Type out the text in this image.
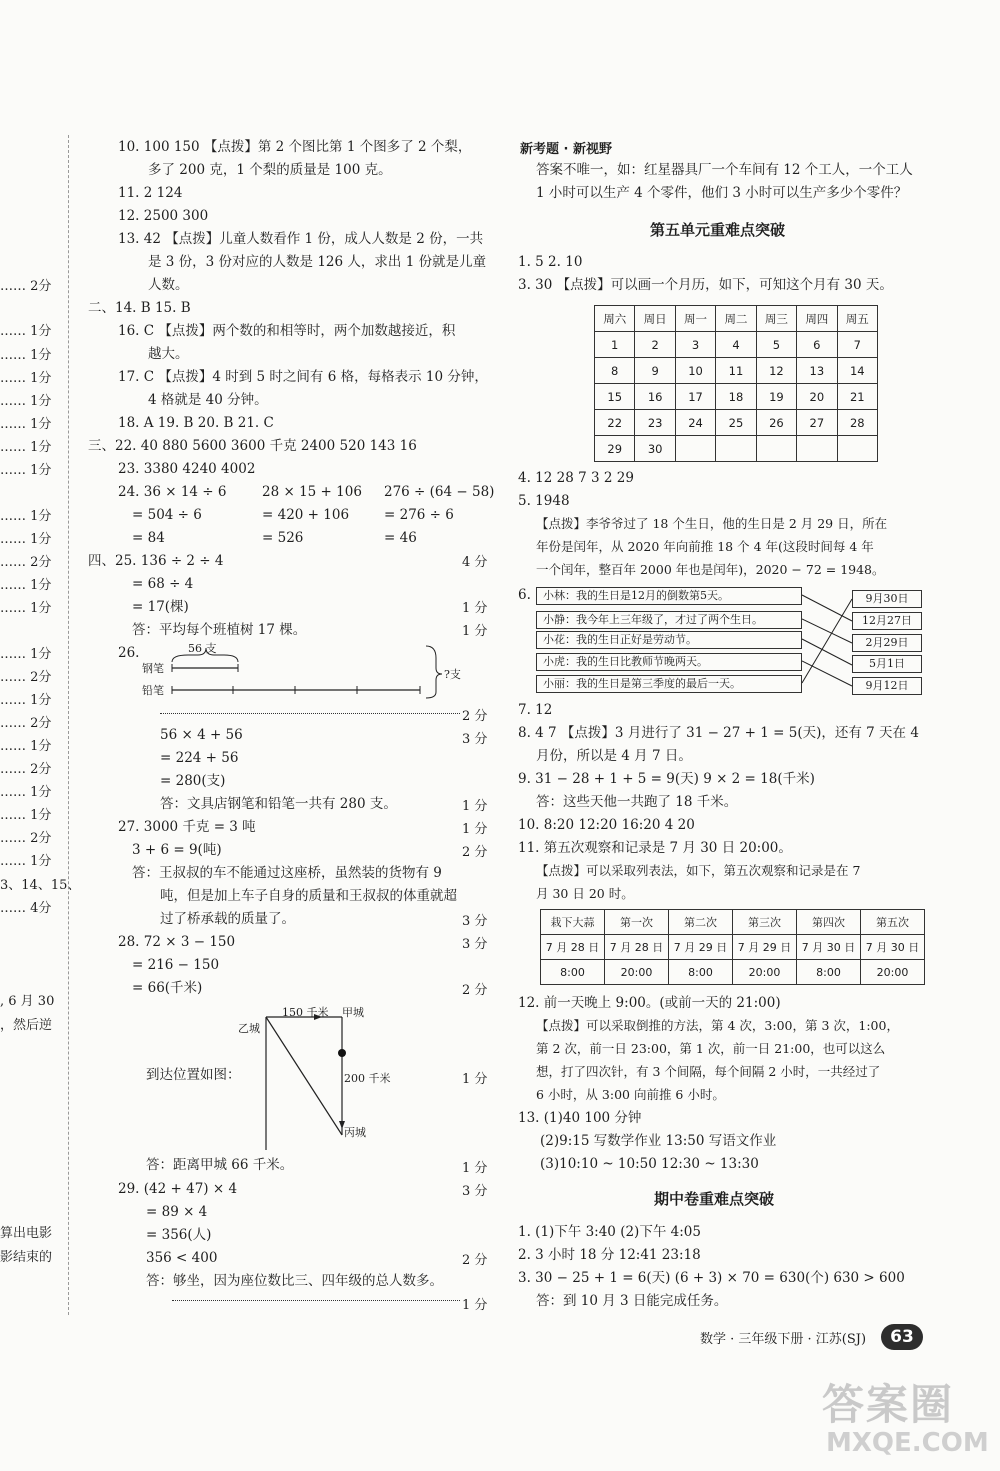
…… 2分
…… 1分
…… 1分
…… 1分
…… 1分
…… 1分
…… 1分
…… 1分
…… 1分
…… 1分
…… 2分
…… 1分
…… 1分
…… 1分
…… 2分
…… 1分
…… 2分
…… 1分
…… 2分
…… 1分
…… 1分
…… 2分
…… 1分
3、14、15、
…… 4分
, 6 月 30
，然后逆
算出电影
影结束的
10. 100 150 【点拨】第 2 个图比第 1 个图多了 2 个梨，
多了 200 克，1 个梨的质量是 100 克。
11. 2 124
12. 2500 300
13. 42 【点拨】儿童人数看作 1 份，成人人数是 2 份，一共
是 3 份，3 份对应的人数是 126 人，求出 1 份就是儿童
人数。
二、14. B 15. B
16. C 【点拨】两个数的和相等时，两个加数越接近，积
越大。
17. C 【点拨】4 时到 5 时之间有 6 格，每格表示 10 分钟，
4 格就是 40 分钟。
18. A 19. B 20. B 21. C
三、22. 40 880 5600 3600 千克 2400 520 143 16
23. 3380 4240 4002
24. 36 × 14 ÷ 6	28 × 15 + 106 276 ÷ (64 − 58)
= 504 ÷ 6	= 420 + 106	= 276 ÷ 6
= 84	= 526	= 46
四、25. 136 ÷ 2 ÷ 4	4 分
= 68 ÷ 4
= 17(棵)	1 分
答：平均每个班植树 17 棵。	1 分
26.	56 支
钢笔
铅笔
?支
2 分
56 × 4 + 56	3 分
= 224 + 56
= 280(支)
答：文具店钢笔和铅笔一共有 280 支。	1 分
27. 3000 千克 = 3 吨	1 分
3 + 6 = 9(吨)	2 分
答：王叔叔的车不能通过这座桥，虽然装的货物有 9
吨，但是加上车子自身的质量和王叔叔的体重就超
过了桥承载的质量了。	3 分
28. 72 × 3 − 150	3 分
= 216 − 150
= 66(千米)	2 分
150 千米 甲城
乙城
200 千米
丙城
到达位置如图：	1 分
答：距离甲城 66 千米。	1 分
29. (42 + 47) × 4	3 分
= 89 × 4
= 356(人)
356 < 400	2 分
答：够坐，因为座位数比三、四年级的总人数多。
1 分
新考题 · 新视野
答案不唯一，如：红星器具厂一个车间有 12 个工人，一个工人
1 小时可以生产 4 个零件，他们 3 小时可以生产多少个零件？
第五单元重难点突破
1. 5 2. 10
3. 30 【点拨】可以画一个月历，如下，可知这个月有 30 天。
周六	周日	周一	周二	周三	周四	周五
1	2	3	4	5	6	7
8	9	10	11	12	13	14
15	16	17	18	19	20	21
22	23	24	25	26	27	28
29	30					
4. 12 28 7 3 2 29
5. 1948
【点拨】李爷爷过了 18 个生日，他的生日是 2 月 29 日，所在
年份是闰年，从 2020 年向前推 18 个 4 年(这段时间每 4 年
一个闰年，整百年 2000 年也是闰年)，2020 − 72 = 1948。
6.	小林：我的生日是12月的倒数第5天。
小静：我今年上三年级了，才过了两个生日。
小花：我的生日正好是劳动节。
小虎：我的生日比教师节晚两天。
小丽：我的生日是第三季度的最后一天。
9月30日
12月27日
2月29日
5月1日
9月12日
7. 12
8. 4 7 【点拨】3 月进行了 31 − 27 + 1 = 5(天)，还有 7 天在 4
月份，所以是 4 月 7 日。
9. 31 − 28 + 1 + 5 = 9(天) 9 × 2 = 18(千米)
答：这些天他一共跑了 18 千米。
10. 8:20 12:20 16:20 4 20
11. 第五次观察和记录是 7 月 30 日 20:00。
【点拨】可以采取列表法，如下，第五次观察和记录是在 7
月 30 日 20 时。
栽下大蒜	第一次	第二次	第三次	第四次	第五次
7 月 28 日	7 月 28 日	7 月 29 日	7 月 29 日	7 月 30 日	7 月 30 日
8:00	20:00	8:00	20:00	8:00	20:00
12. 前一天晚上 9:00。(或前一天的 21:00)
【点拨】可以采取倒推的方法，第 4 次，3:00，第 3 次，1:00，
第 2 次，前一日 23:00，第 1 次，前一日 21:00，也可以这么
想，打了四次针，有 3 个间隔，每个间隔 2 小时，一共经过了
6 小时，从 3:00 向前推 6 小时。
13. (1)40 100 分钟
(2)9:15 写数学作业 13:50 写语文作业
(3)10:10 ~ 10:50 12:30 ~ 13:30
期中卷重难点突破
1. (1)下午 3:40 (2)下午 4:05
2. 3 小时 18 分 12:41 23:18
3. 30 − 25 + 1 = 6(天) (6 + 3) × 70 = 630(个) 630 > 600
答：到 10 月 3 日能完成任务。
数学 · 三年级下册 · 江苏(SJ)	63
答案圈
MXQE.COM
